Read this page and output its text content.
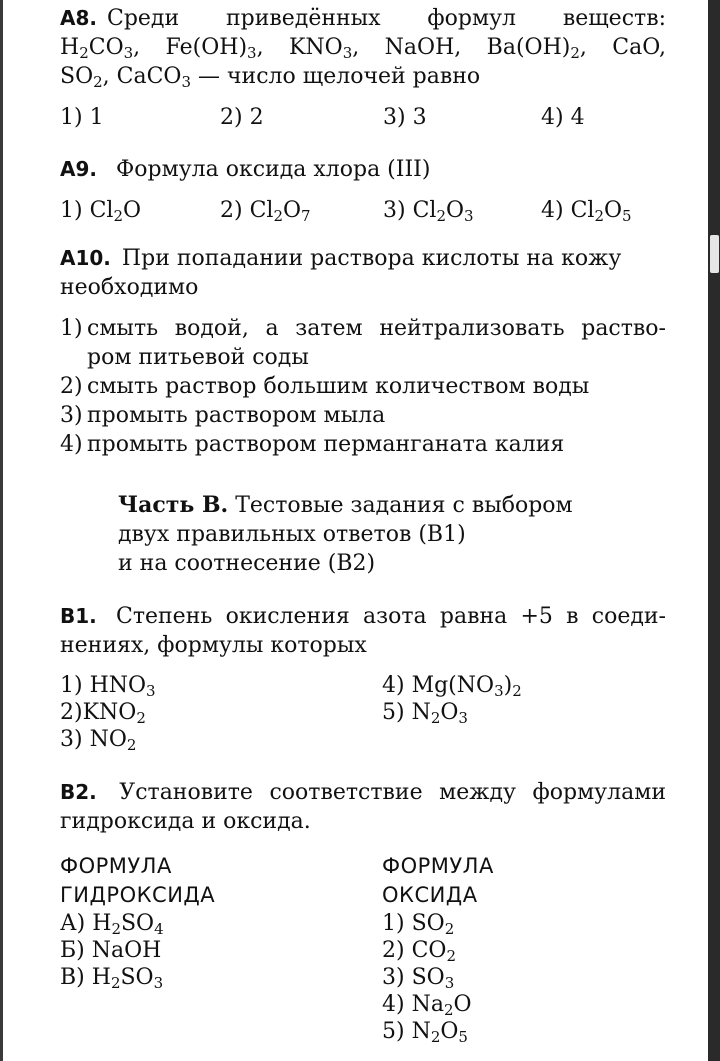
А8. Среди приведённых формул веществ:
$H_2CO_3$, $Fe(OH)_3$, $KNO_3$, NaOH, $Ba(OH)_2$, CaO,
$SO_2$, CaCO$_3$ — число щелочей равно
1) 1	2) 2	3) 3	4) 4
А9. Формула оксида хлора (III)
1) $Cl_2O$	2) $Cl_2O_7$	3) $Cl_2O_3$	4) $Cl_2O_5$
А10. При попадании раствора кислоты на кожу
необходимо
1) смыть водой, а затем нейтрализовать раство-
ром питьевой соды
2) смыть раствор большим количеством воды
3) промыть раствором мыла
4) промыть раствором перманганата калия
Часть В. Тестовые задания с выбором
двух правильных ответов (В1)
и на соотнесение (В2)
В1. Степень окисления азота равна +5 в соеди-
нениях, формулы которых
1) $HNO_3$
$2)KNO_2$
3) $NO_2$
4) $Mg(NO_3)_2$
5) $N_2O_3$
В2. Установите соответствие между формулами
гидроксида и оксида.
ФОРМУЛА
ГИДРОКСИДА
А) $H_2SO_4$
Б) NaOH
В) $H_2SO_3$
ФОРМУЛА
ОКСИДА
1) $SO_2$
2) $CO_2$
3) $SO_3$
4) $Na_2O$
5) $N_2O_5$
